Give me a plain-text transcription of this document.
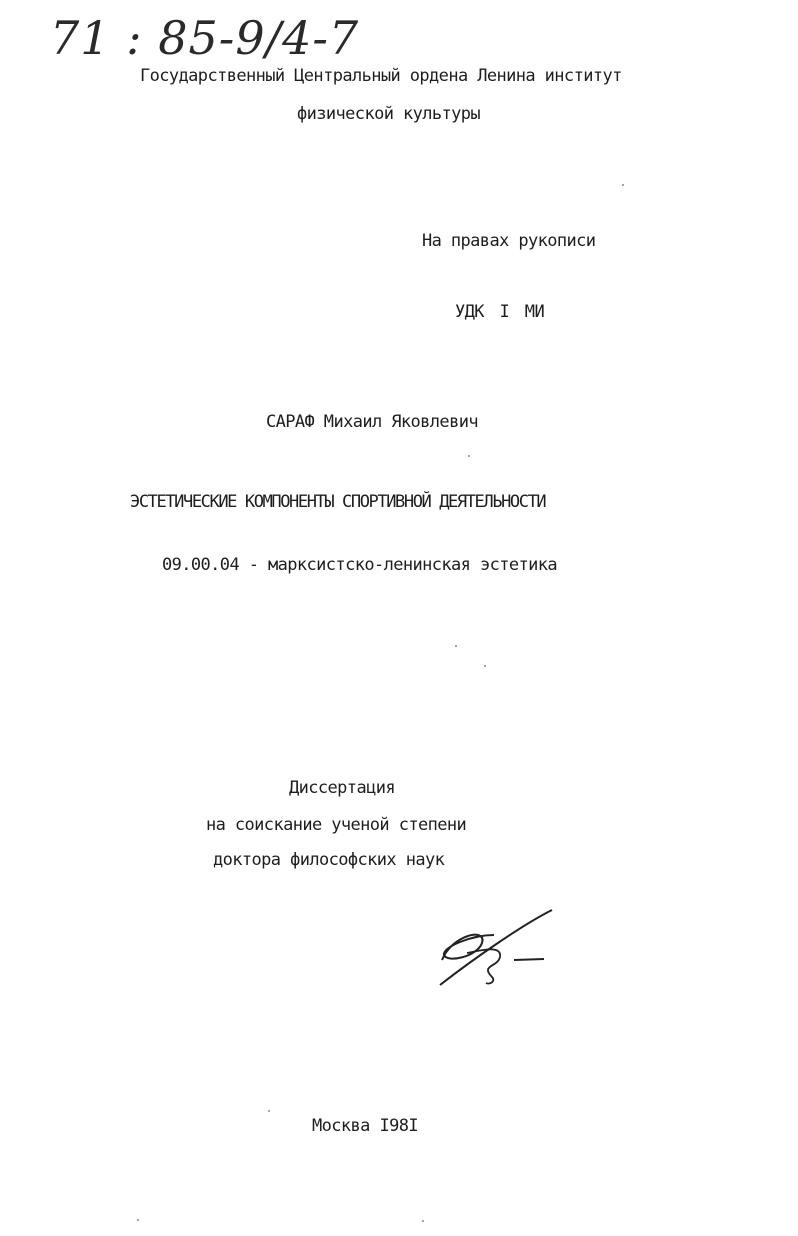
71 : 85-9/4-7
Государственный Центральный ордена Ленина институт
физической культуры
На правах рукописи
УДК I МИ
САРАФ Михаил Яковлевич
ЭСТЕТИЧЕСКИЕ КОМПОНЕНТЫ СПОРТИВНОЙ ДЕЯТЕЛЬНОСТИ
09.00.04 - марксистско-ленинская эстетика
Диссертация
на соискание ученой степени
доктора философских наук
Москва I98I
